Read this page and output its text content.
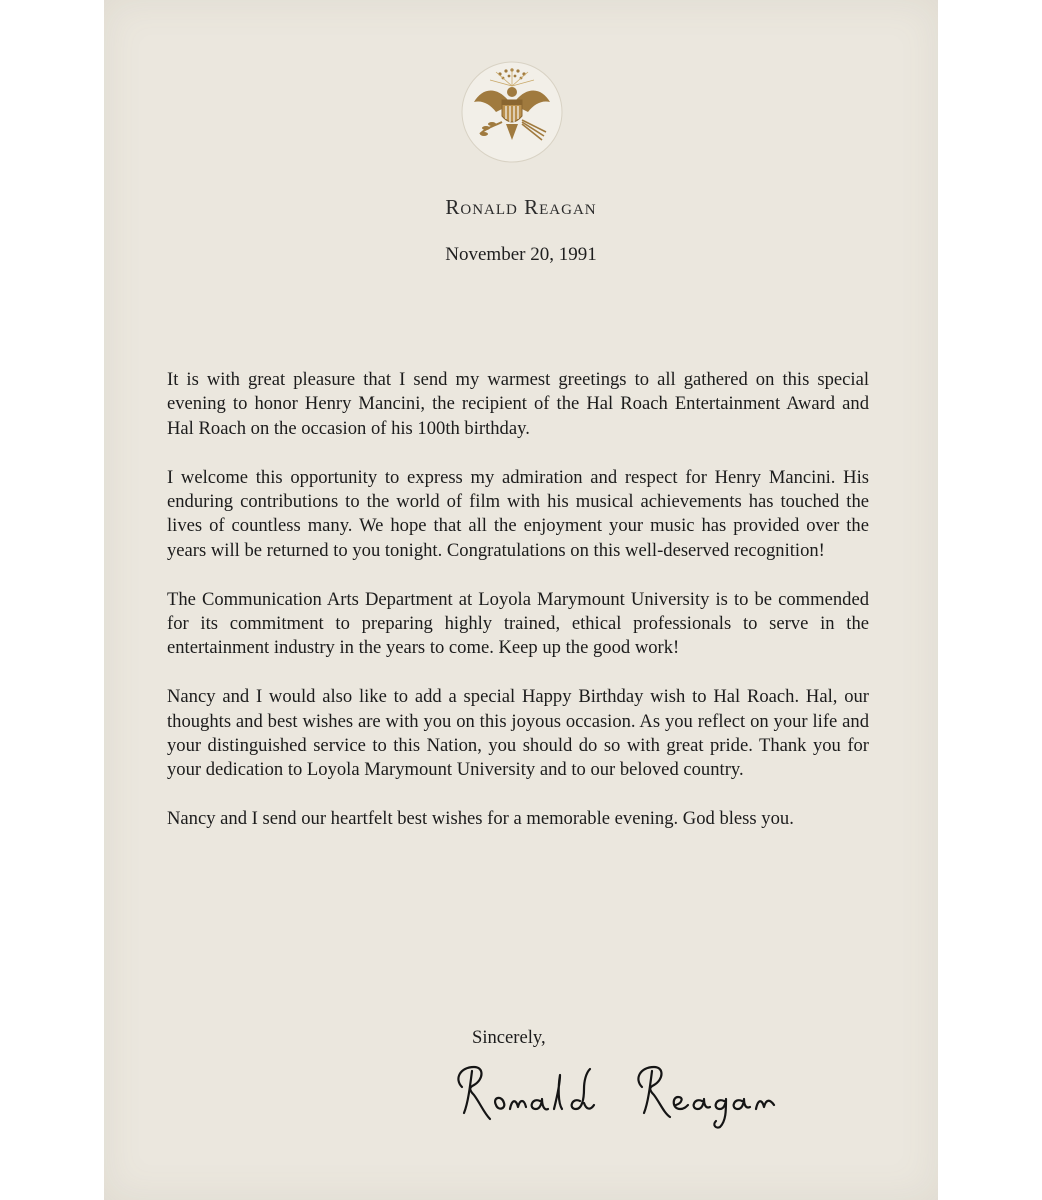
Ronald Reagan

November 20, 1991

It is with great pleasure that I send my warmest greetings to all gathered on this special evening to honor Henry Mancini, the recipient of the Hal Roach Entertainment Award and Hal Roach on the occasion of his 100th birthday.

I welcome this opportunity to express my admiration and respect for Henry Mancini. His enduring contributions to the world of film with his musical achievements has touched the lives of countless many. We hope that all the enjoyment your music has provided over the years will be returned to you tonight. Congratulations on this well-deserved recognition!

The Communication Arts Department at Loyola Marymount University is to be commended for its commitment to preparing highly trained, ethical professionals to serve in the entertainment industry in the years to come. Keep up the good work!

Nancy and I would also like to add a special Happy Birthday wish to Hal Roach. Hal, our thoughts and best wishes are with you on this joyous occasion. As you reflect on your life and your distinguished service to this Nation, you should do so with great pride. Thank you for your dedication to Loyola Marymount University and to our beloved country.

Nancy and I send our heartfelt best wishes for a memorable evening. God bless you.

Sincerely,
